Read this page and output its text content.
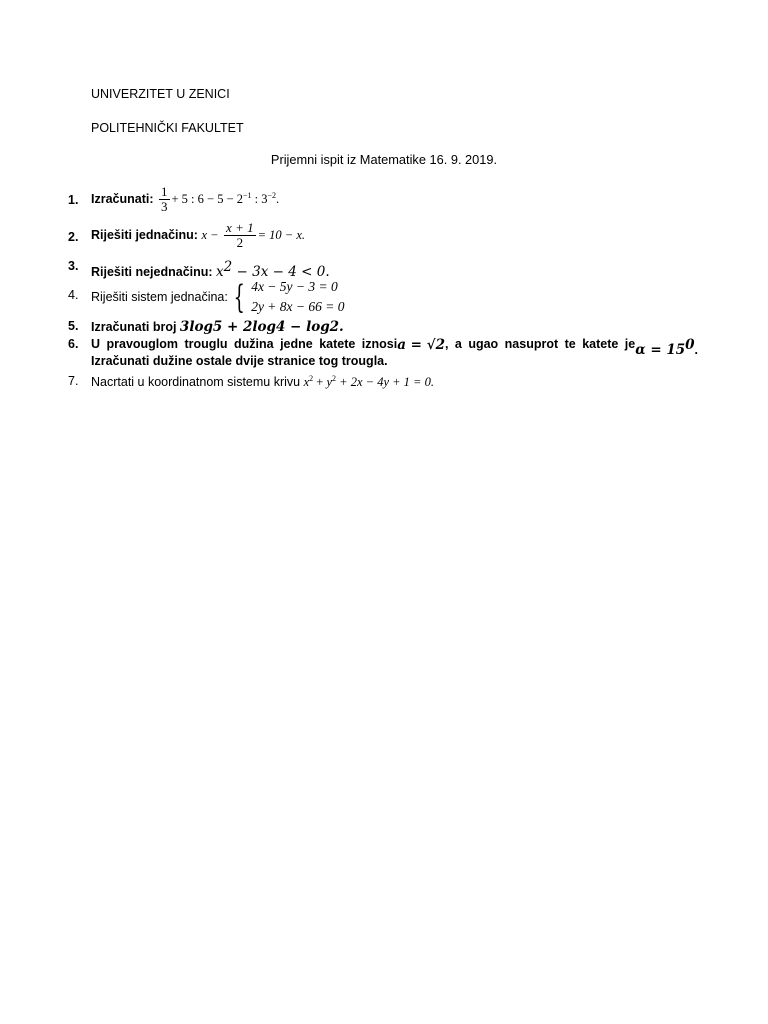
UNIVERZITET U ZENICI
POLITEHNIČKI FAKULTET
Prijemni ispit iz Matematike 16. 9. 2019.
1.	Izračunati: $\frac{1}{3} + 5$ : $6 - 5 - 2^{-1}$ : $3^{-2}$.
2.	Riješiti jednačinu: $x - \frac{x + 1}{2} = 10 - x$.
3.	Riješiti nejednačinu: $x^2 - 3x - 4 < 0$.
4.	Riješiti sistem jednačina: { 4x − 5y − 3 = 0
2y + 8x − 66 = 0
5.	Izračunati broj 3log5 + 2log4 − log2.
6.	U pravouglom trouglu dužina jedne katete iznosi a = √2 , a ugao nasuprot te katete je $\alpha = 15^0$.
Izračunati dužine ostale dvije stranice tog trougla.
7.	Nacrtati u koordinatnom sistemu krivu $x^2 + y^2 + 2x - 4y + 1 = 0$.
